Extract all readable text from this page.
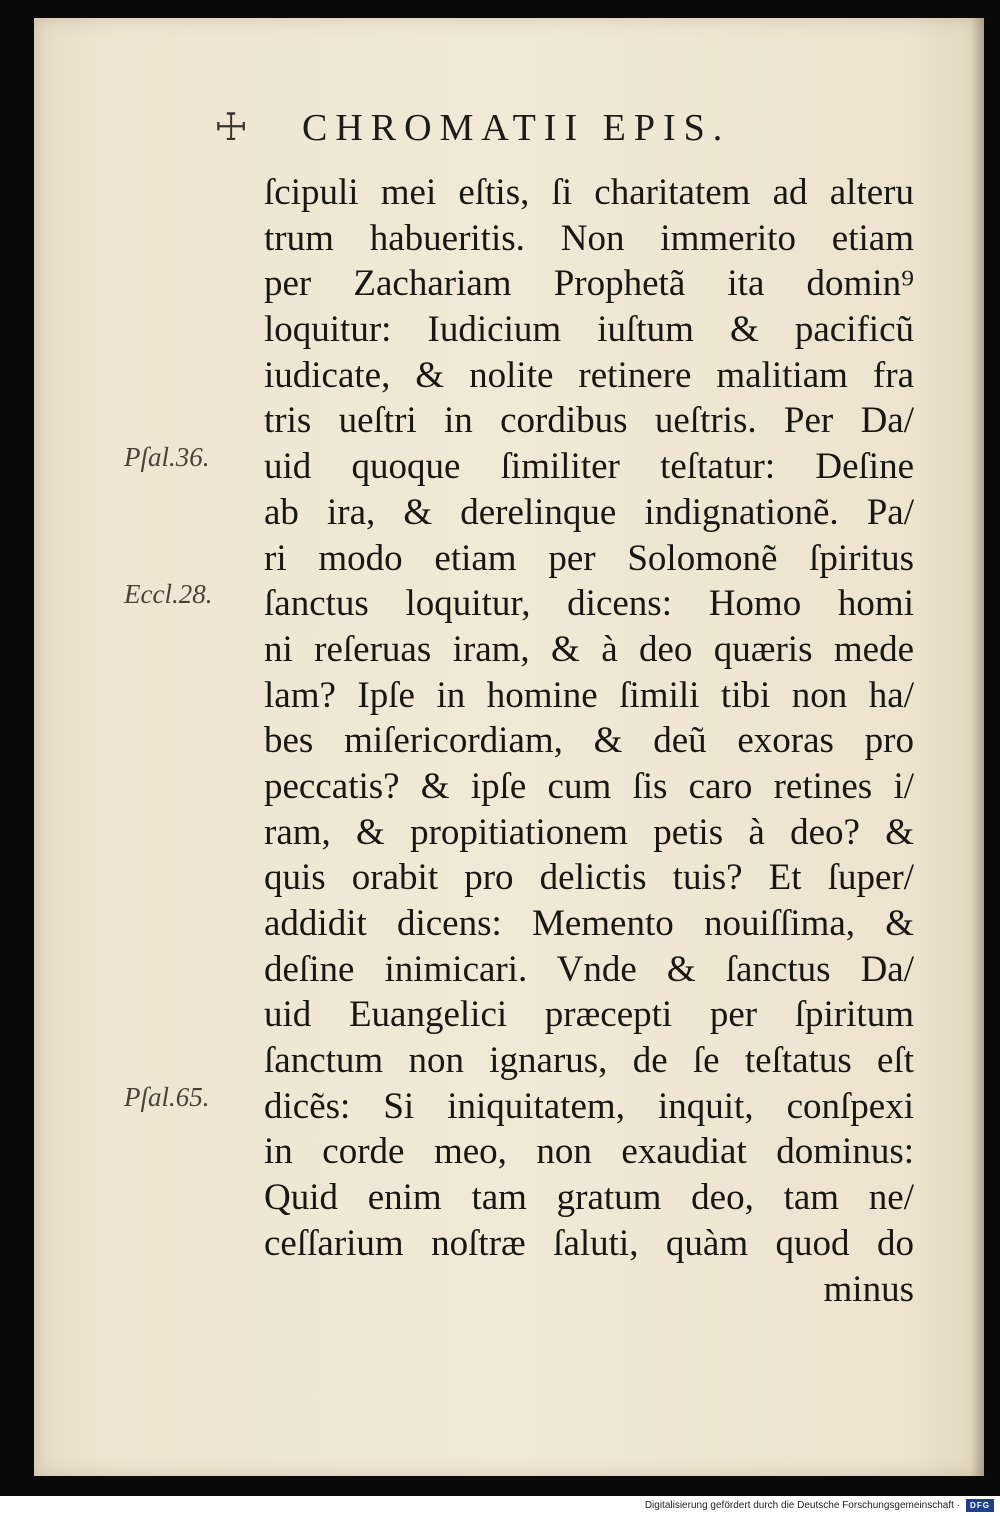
☩ CHROMATII EPIS.
Pſal.36.
Eccl.28.
Pſal.65.
ſcipuli mei eſtis, ſi charitatem ad alteru
trum habueritis. Non immerito etiam
per Zachariam Prophetã ita domin⁹
loquitur: Iudicium iuſtum & pacificũ
iudicate, & nolite retinere malitiam fra
tris ueſtri in cordibus ueſtris. Per Da/
uid quoque ſimiliter teſtatur: Deſine
ab ira, & derelinque indignationẽ. Pa/
ri modo etiam per Solomonẽ ſpiritus
ſanctus loquitur, dicens: Homo homi
ni reſeruas iram, & à deo quæris mede
lam? Ipſe in homine ſimili tibi non ha/
bes miſericordiam, & deũ exoras pro
peccatis? & ipſe cum ſis caro retines i/
ram, & propitiationem petis à deo? &
quis orabit pro delictis tuis? Et ſuper/
addidit dicens: Memento nouiſſima, &
deſine inimicari. Vnde & ſanctus Da/
uid Euangelici præcepti per ſpiritum
ſanctum non ignarus, de ſe teſtatus eſt
dicẽs: Si iniquitatem, inquit, conſpexi
in corde meo, non exaudiat dominus:
Quid enim tam gratum deo, tam ne/
ceſſarium noſtræ ſaluti, quàm quod do
minus
Digitalisierung gefördert durch die Deutsche Forschungsgemeinschaft ·	DFG
